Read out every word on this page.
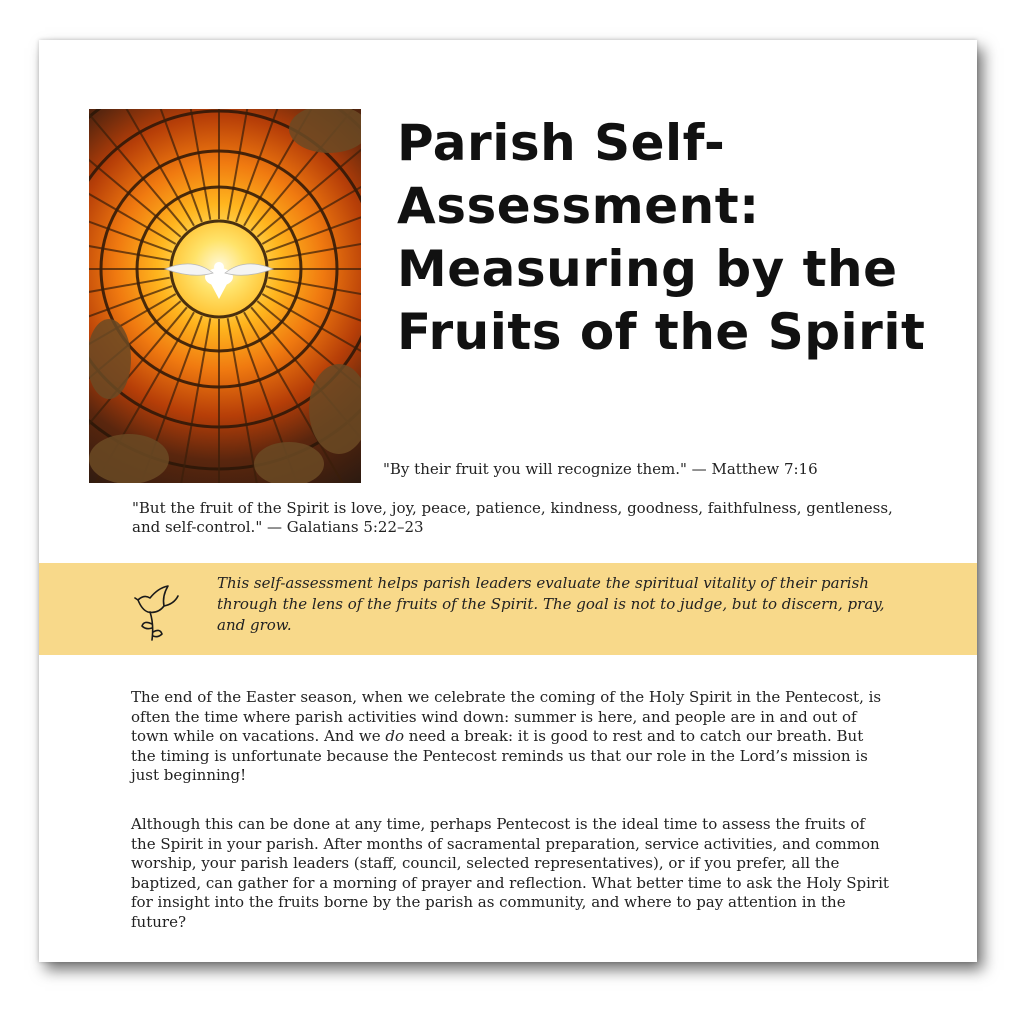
Parish Self-Assessment: Measuring by the Fruits of the Spirit

"By their fruit you will recognize them." — Matthew 7:16

"But the fruit of the Spirit is love, joy, peace, patience, kindness, goodness, faithfulness, gentleness, and self-control." — Galatians 5:22–23

This self-assessment helps parish leaders evaluate the spiritual vitality of their parish through the lens of the fruits of the Spirit. The goal is not to judge, but to discern, pray, and grow.

The end of the Easter season, when we celebrate the coming of the Holy Spirit in the Pentecost, is often the time where parish activities wind down: summer is here, and people are in and out of town while on vacations. And we do need a break: it is good to rest and to catch our breath. But the timing is unfortunate because the Pentecost reminds us that our role in the Lord’s mission is just beginning!

Although this can be done at any time, perhaps Pentecost is the ideal time to assess the fruits of the Spirit in your parish. After months of sacramental preparation, service activities, and common worship, your parish leaders (staff, council, selected representatives), or if you prefer, all the baptized, can gather for a morning of prayer and reflection. What better time to ask the Holy Spirit for insight into the fruits borne by the parish as community, and where to pay attention in the future?
